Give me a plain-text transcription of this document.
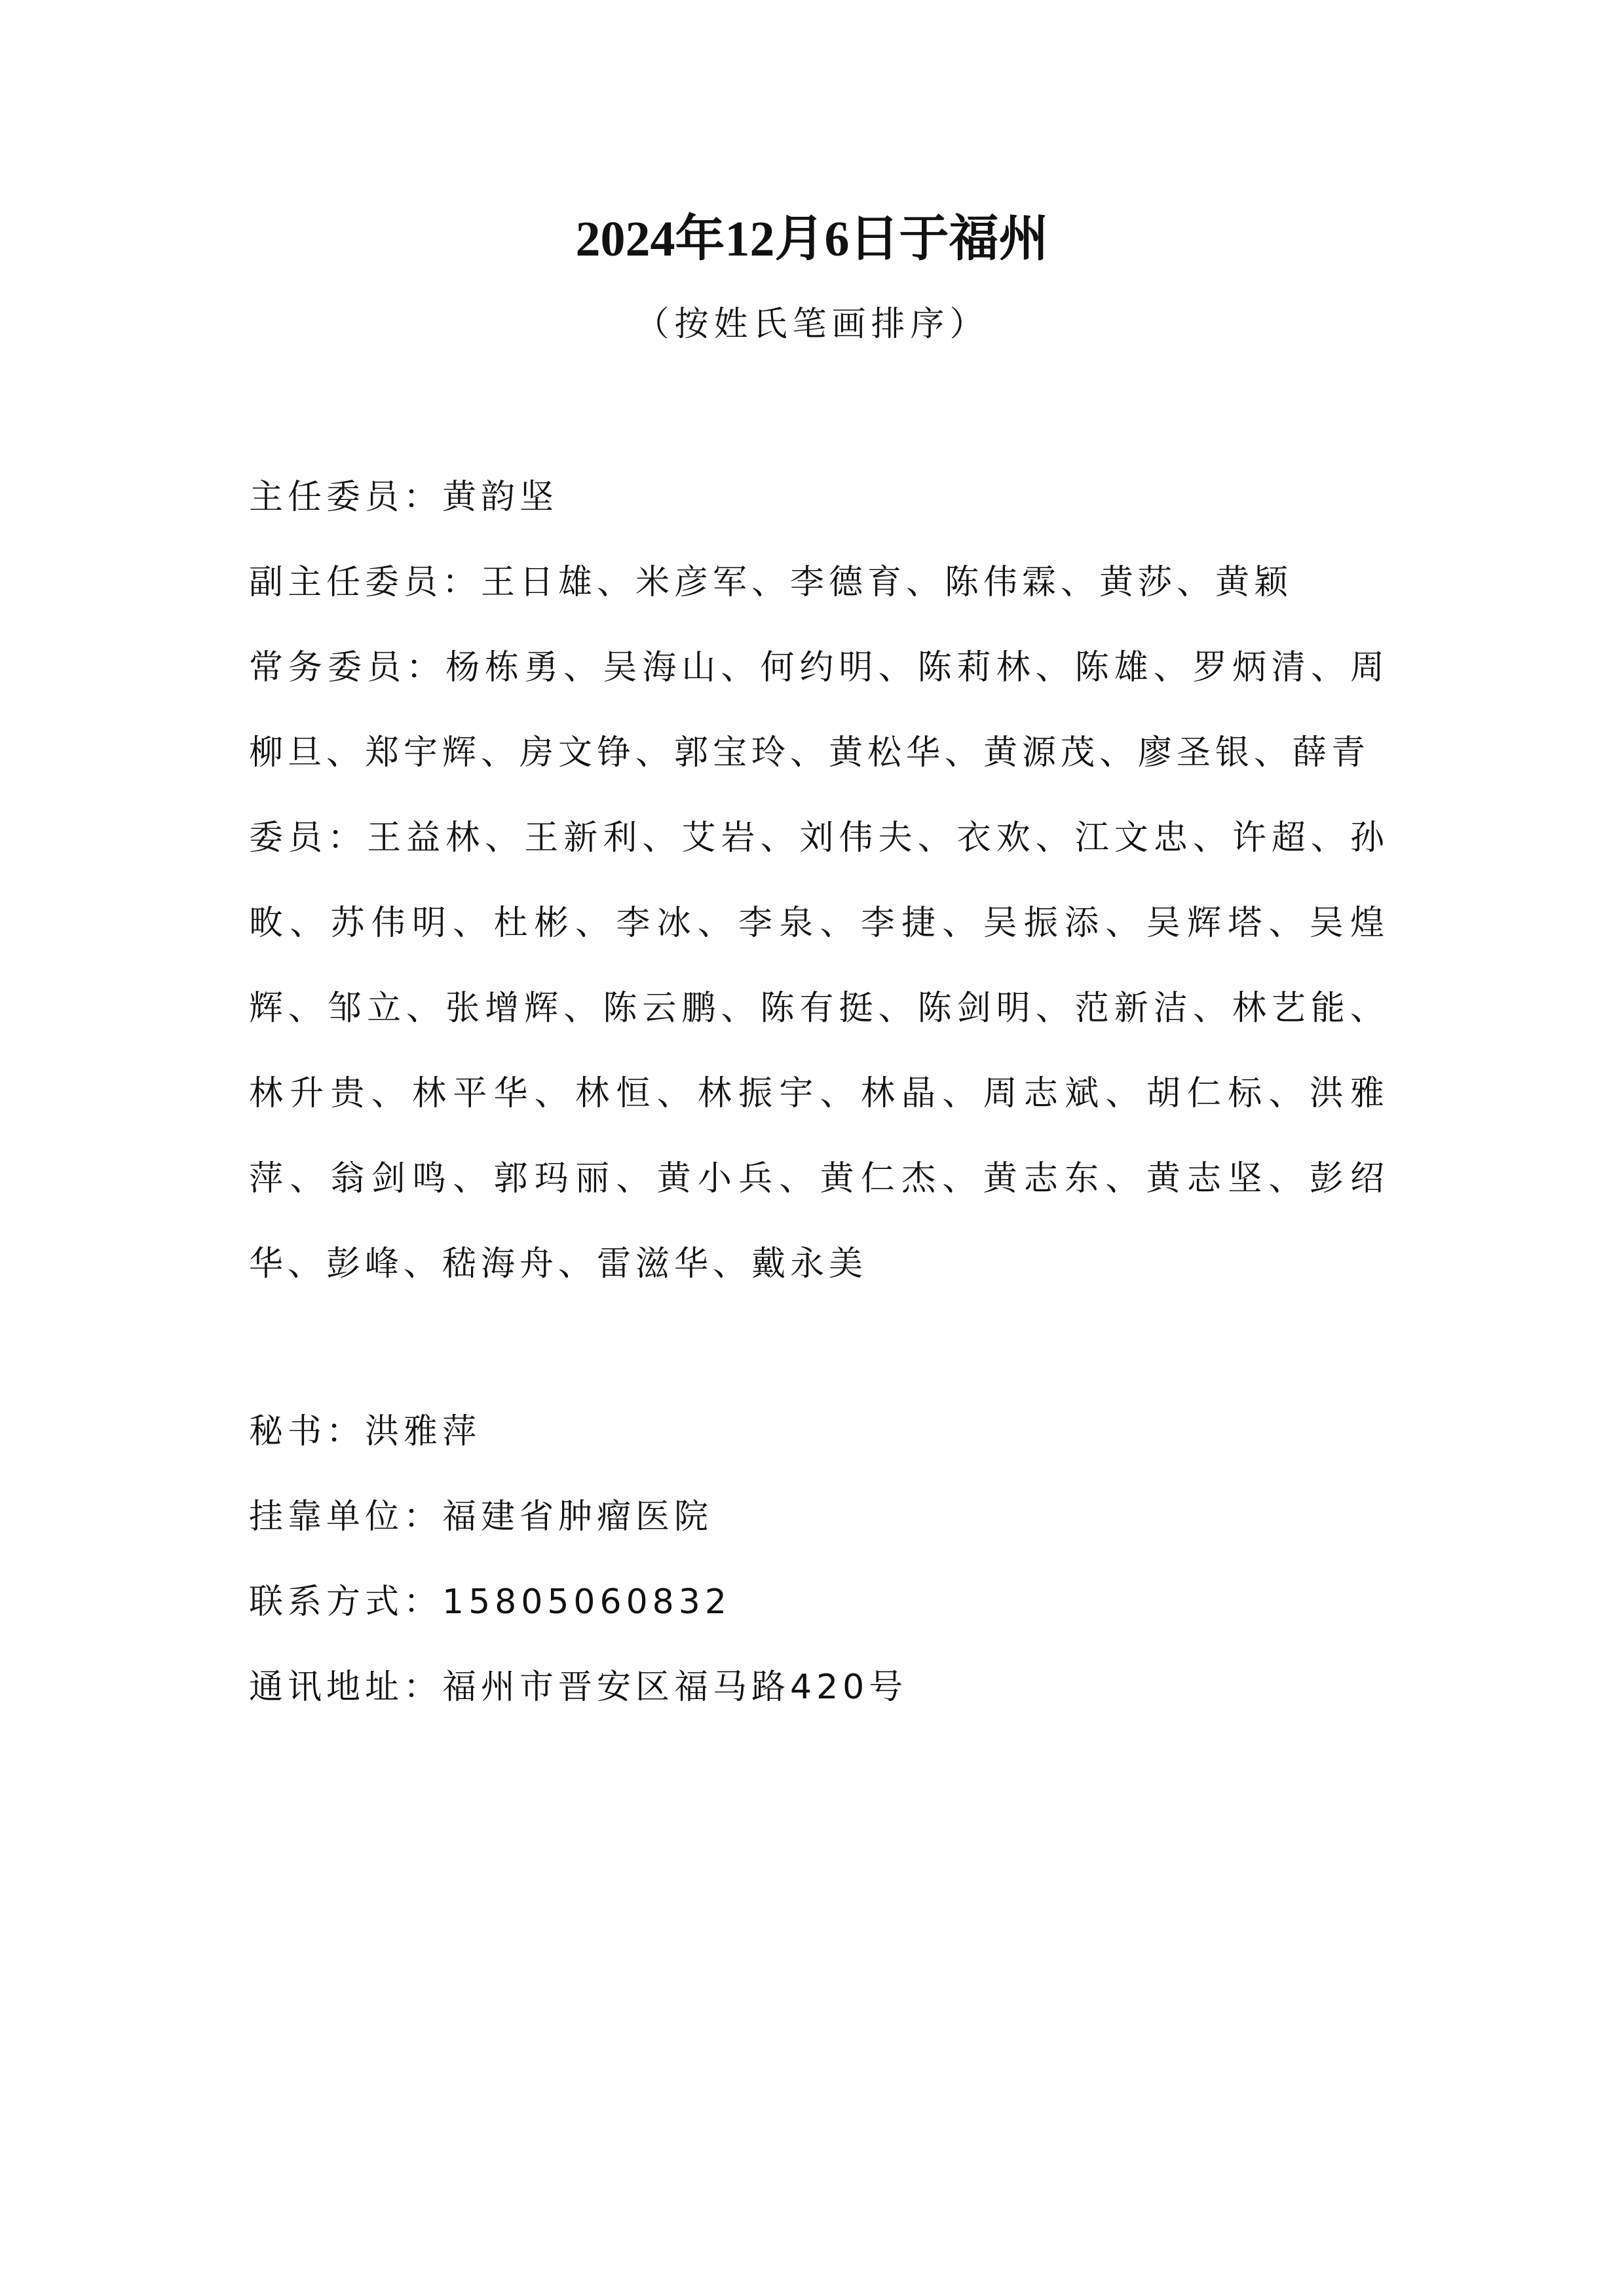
2024年12月6日于福州

（按姓氏笔画排序）

主任委员：黄韵坚

副主任委员：王日雄、米彦军、李德育、陈伟霖、黄莎、黄颖

常务委员：杨栋勇、吴海山、何约明、陈莉林、陈雄、罗炳清、周柳旦、郑宇辉、房文铮、郭宝玲、黄松华、黄源茂、廖圣银、薛青

委员：王益林、王新利、艾岩、刘伟夫、衣欢、江文忠、许超、孙畋、苏伟明、杜彬、李冰、李泉、李捷、吴振添、吴辉塔、吴煌辉、邹立、张增辉、陈云鹏、陈有挺、陈剑明、范新洁、林艺能、林升贵、林平华、林恒、林振宇、林晶、周志斌、胡仁标、洪雅萍、翁剑鸣、郭玛丽、黄小兵、黄仁杰、黄志东、黄志坚、彭绍华、彭峰、嵇海舟、雷滋华、戴永美

秘书：洪雅萍

挂靠单位：福建省肿瘤医院

联系方式：15805060832

通讯地址：福州市晋安区福马路420号
